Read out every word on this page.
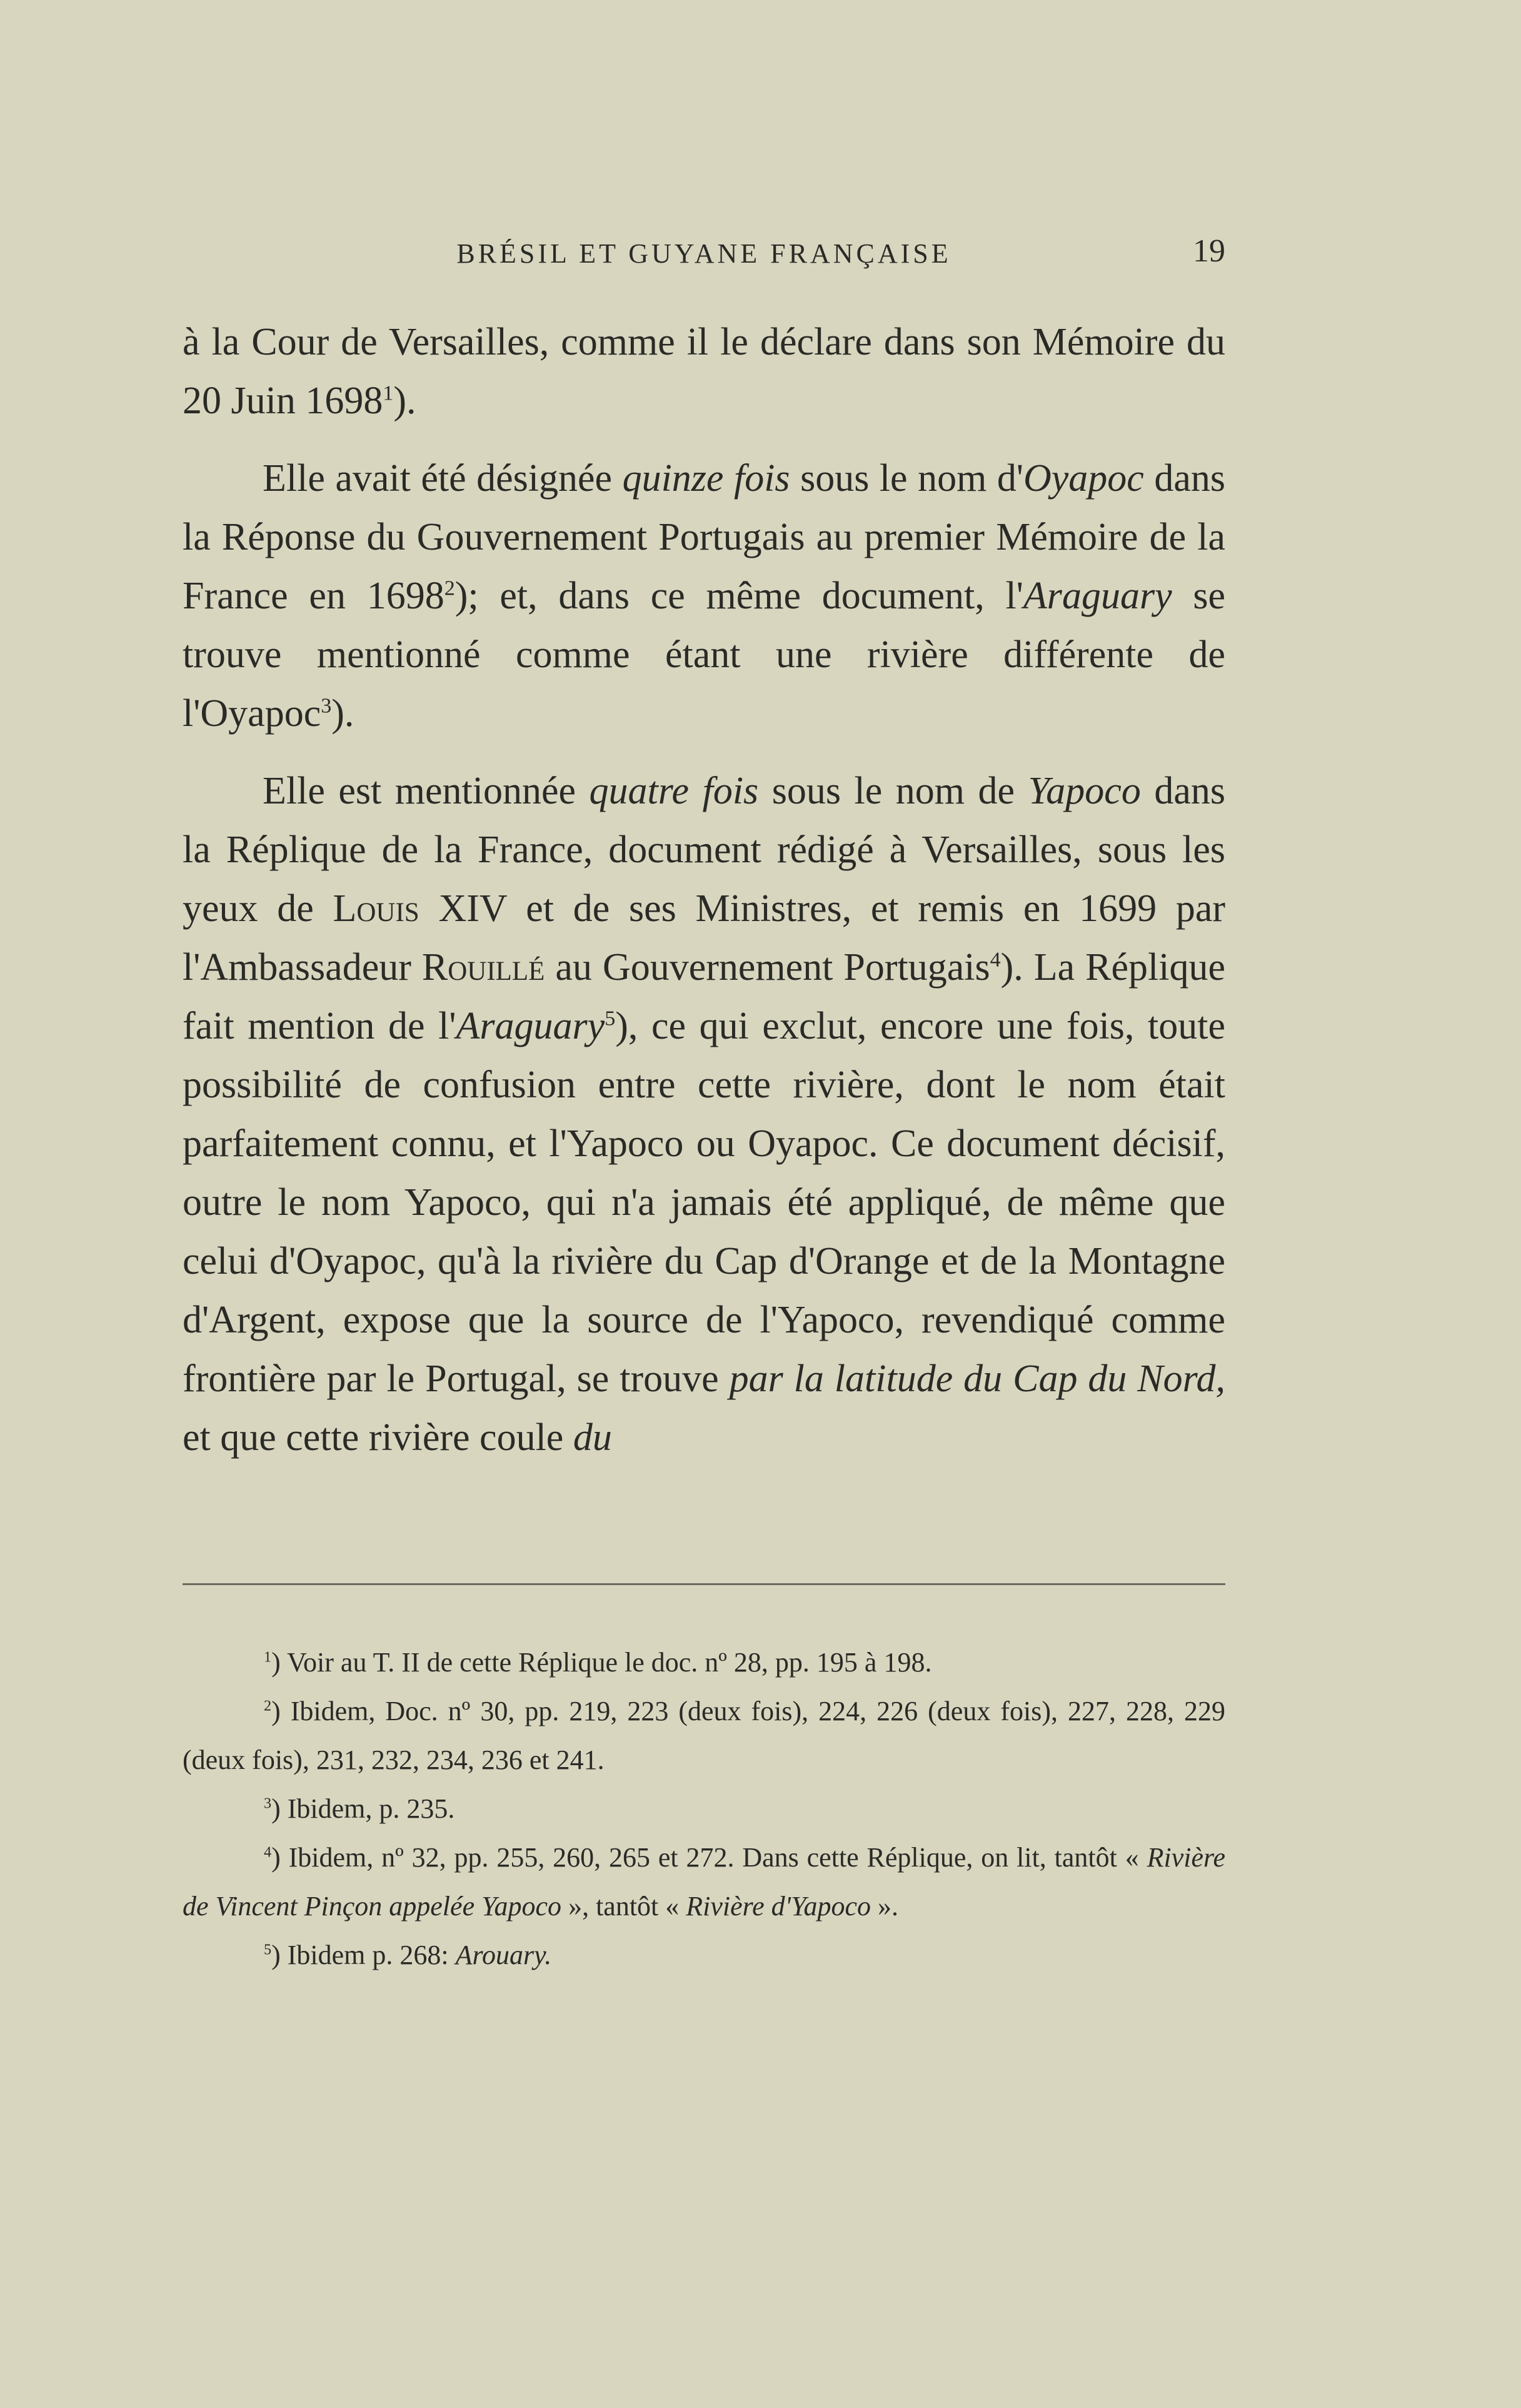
BRÉSIL ET GUYANE FRANÇAISE	19

à la Cour de Versailles, comme il le déclare dans son Mémoire du 20 Juin 1698$^1$).

Elle avait été désignée quinze fois sous le nom d'Oyapoc dans la Réponse du Gouvernement Portugais au premier Mémoire de la France en 1698$^2$); et, dans ce même document, l'Araguary se trouve mentionné comme étant une rivière différente de l'Oyapoc$^3$).

Elle est mentionnée quatre fois sous le nom de Yapoco dans la Réplique de la France, document rédigé à Versailles, sous les yeux de Louis XIV et de ses Ministres, et remis en 1699 par l'Ambassadeur Rouillé au Gouvernement Portugais$^4$). La Réplique fait mention de l'Araguary$^5$), ce qui exclut, encore une fois, toute possibilité de confusion entre cette rivière, dont le nom était parfaitement connu, et l'Yapoco ou Oyapoc. Ce document décisif, outre le nom Yapoco, qui n'a jamais été appliqué, de même que celui d'Oyapoc, qu'à la rivière du Cap d'Orange et de la Montagne d'Argent, expose que la source de l'Yapoco, revendiqué comme frontière par le Portugal, se trouve par la latitude du Cap du Nord, et que cette rivière coule du

$^1$) Voir au T. II de cette Réplique le doc. nº 28, pp. 195 à 198.

$^2$) Ibidem, Doc. nº 30, pp. 219, 223 (deux fois), 224, 226 (deux fois), 227, 228, 229 (deux fois), 231, 232, 234, 236 et 241.

$^3$) Ibidem, p. 235.

$^4$) Ibidem, nº 32, pp. 255, 260, 265 et 272. Dans cette Réplique, on lit, tantôt « Rivière de Vincent Pinçon appelée Yapoco », tantôt « Rivière d'Yapoco ».

$^5$) Ibidem p. 268: Arouary.
